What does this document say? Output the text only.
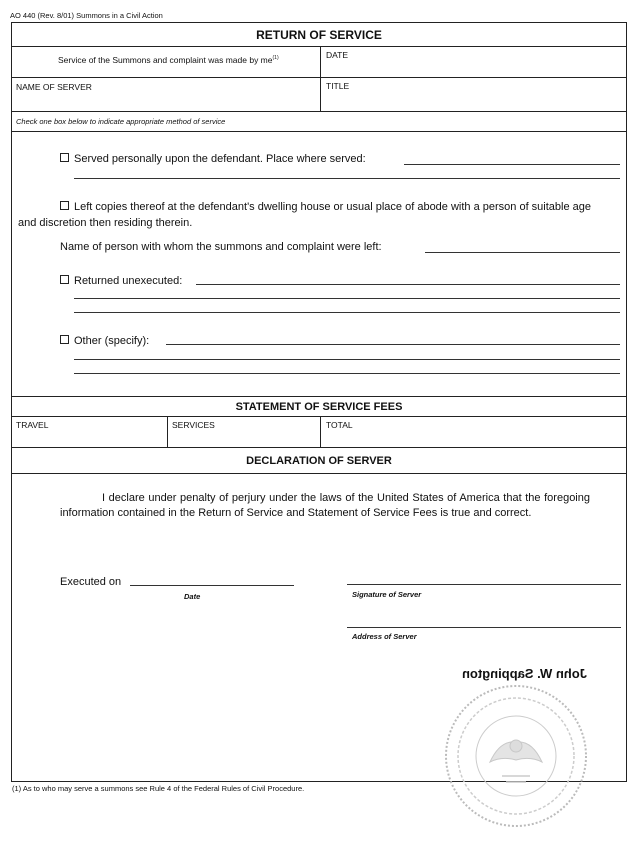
AO 440 (Rev. 8/01) Summons in a Civil Action
RETURN OF SERVICE
Service of the Summons and complaint was made by $me^{(1)}$	DATE
NAME OF SERVER	TITLE
Check one box below to indicate appropriate method of service
Served personally upon the defendant. Place where served:
Left copies thereof at the defendant's dwelling house or usual place of abode with a person of suitable age and discretion then residing therein.
Name of person with whom the summons and complaint were left:
Returned unexecuted:
Other (specify):
STATEMENT OF SERVICE FEES
TRAVEL	SERVICES	TOTAL
DECLARATION OF SERVER
I declare under penalty of perjury under the laws of the United States of America that the foregoing information contained in the Return of Service and Statement of Service Fees is true and correct.
Executed on
Date	Signature of Server
Address of Server
John W. Sappington
(1) As to who may serve a summons see Rule 4 of the Federal Rules of Civil Procedure.
